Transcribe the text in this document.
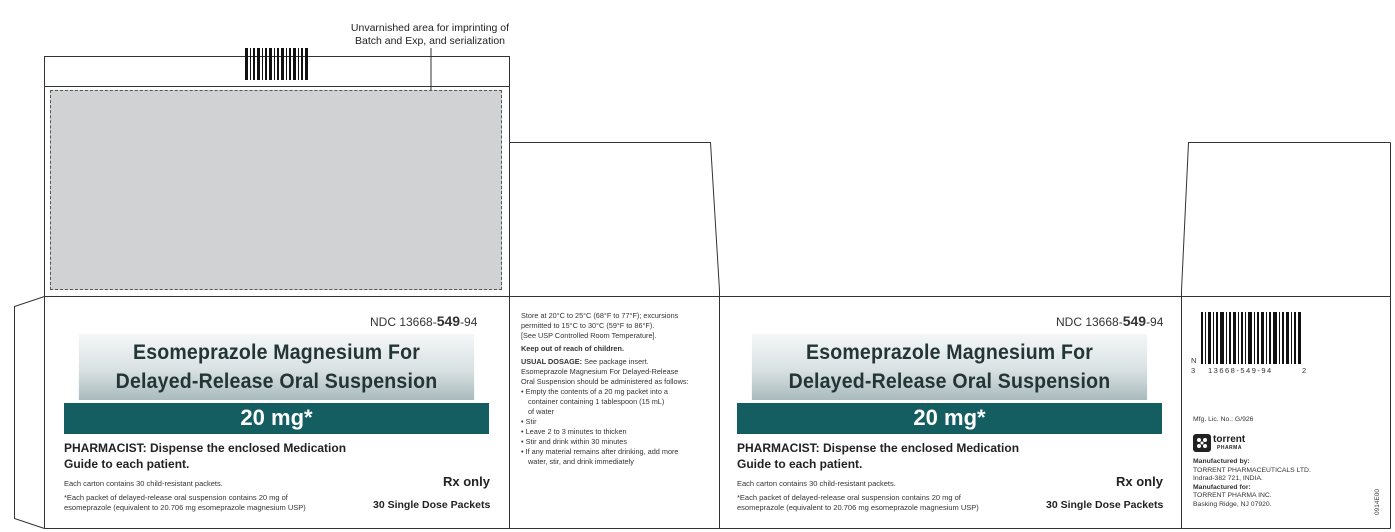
Unvarnished area for imprinting of
Batch and Exp, and serialization
NDC 13668-549-94
Esomeprazole Magnesium For
Delayed-Release Oral Suspension
20 mg*
PHARMACIST: Dispense the enclosed Medication
Guide to each patient.
Each carton contains 30 child-resistant packets.
*Each packet of delayed-release oral suspension contains 20 mg of
esomeprazole (equivalent to 20.706 mg esomeprazole magnesium USP)
Rx only
30 Single Dose Packets
Store at 20°C to 25°C (68°F to 77°F); excursions
permitted to 15°C to 30°C (59°F to 86°F).
[See USP Controlled Room Temperature].
Keep out of reach of children.
USUAL DOSAGE: See package insert.
Esomeprazole Magnesium For Delayed-Release
Oral Suspension should be administered as follows:
• Empty the contents of a 20 mg packet into a
container containing 1 tablespoon (15 mL)
of water
• Stir
• Leave 2 to 3 minutes to thicken
• Stir and drink within 30 minutes
• If any material remains after drinking, add more
water, stir, and drink immediately
NDC 13668-549-94
Esomeprazole Magnesium For
Delayed-Release Oral Suspension
20 mg*
PHARMACIST: Dispense the enclosed Medication
Guide to each patient.
Each carton contains 30 child-resistant packets.
*Each packet of delayed-release oral suspension contains 20 mg of
esomeprazole (equivalent to 20.706 mg esomeprazole magnesium USP)
Rx only
30 Single Dose Packets
N
3 13668-549-94	2
Mfg. Lic. No.: G/926
torrent
PHARMA
Manufactured by:
TORRENT PHARMACEUTICALS LTD.
Indrad-382 721, INDIA.
Manufactured for:
TORRENT PHARMA INC.
Basking Ridge, NJ 07920.	0914E00
